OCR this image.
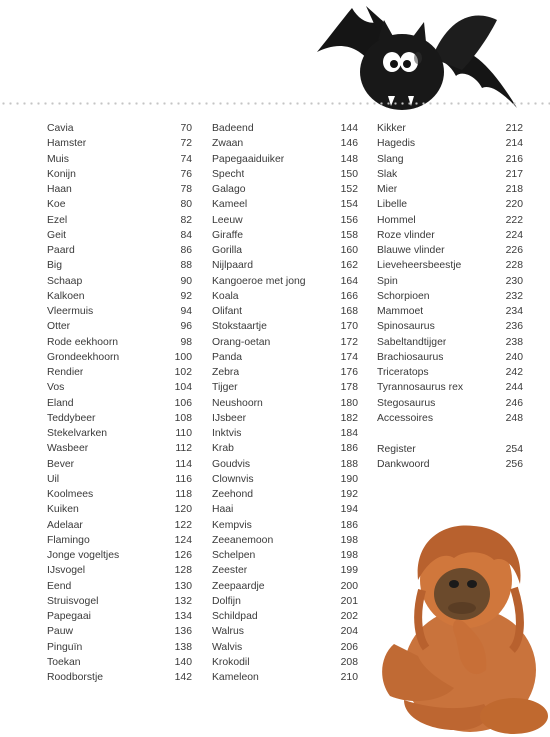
Cavia	70
Hamster	72
Muis	74
Konijn	76
Haan	78
Koe	80
Ezel	82
Geit	84
Paard	86
Big	88
Schaap	90
Kalkoen	92
Vleermuis	94
Otter	96
Rode eekhoorn	98
Grondeekhoorn	100
Rendier	102
Vos	104
Eland	106
Teddybeer	108
Stekelvarken	110
Wasbeer	112
Bever	114
Uil	116
Koolmees	118
Kuiken	120
Adelaar	122
Flamingo	124
Jonge vogeltjes	126
IJsvogel	128
Eend	130
Struisvogel	132
Papegaai	134
Pauw	136
Pinguïn	138
Toekan	140
Roodborstje	142
Badeend	144
Zwaan	146
Papegaaiduiker	148
Specht	150
Galago	152
Kameel	154
Leeuw	156
Giraffe	158
Gorilla	160
Nijlpaard	162
Kangoeroe met jong	164
Koala	166
Olifant	168
Stokstaartje	170
Orang-oetan	172
Panda	174
Zebra	176
Tijger	178
Neushoorn	180
IJsbeer	182
Inktvis	184
Krab	186
Goudvis	188
Clownvis	190
Zeehond	192
Haai	194
Kempvis	186
Zeeanemoon	198
Schelpen	198
Zeester	199
Zeepaardje	200
Dolfijn	201
Schildpad	202
Walrus	204
Walvis	206
Krokodil	208
Kameleon	210
Kikker	212
Hagedis	214
Slang	216
Slak	217
Mier	218
Libelle	220
Hommel	222
Roze vlinder	224
Blauwe vlinder	226
Lieveheersbeestje	228
Spin	230
Schorpioen	232
Mammoet	234
Spinosaurus	236
Sabeltandtijger	238
Brachiosaurus	240
Triceratops	242
Tyrannosaurus rex	244
Stegosaurus	246
Accessoires	248
Register	254
Dankwoord	256
